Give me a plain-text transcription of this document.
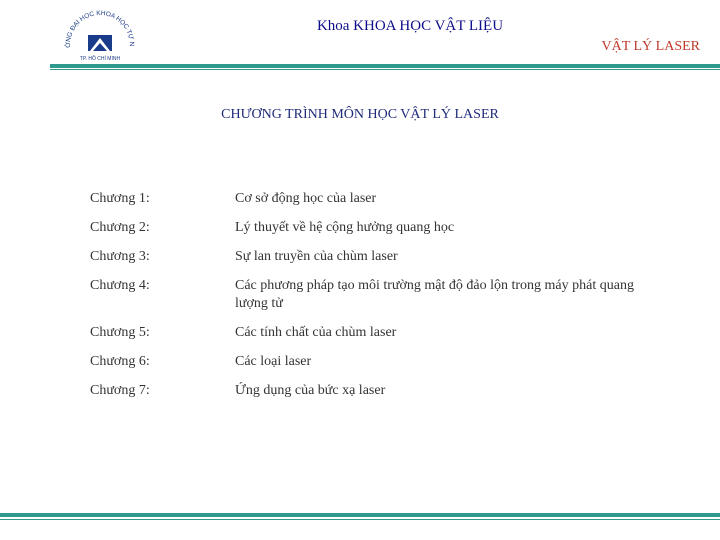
ỜNG ĐẠI HỌC KHOA HỌC TỰ N
TP. HỒ CHÍ MINH
Khoa KHOA HỌC VẬT LIỆU
VẬT LÝ LASER
CHƯƠNG TRÌNH MÔN HỌC VẬT LÝ LASER
Chương 1:	Cơ sở động học của laser
Chương 2:	Lý thuyết về hệ cộng hưởng quang học
Chương 3:	Sự lan truyền của chùm laser
Chương 4:	Các phương pháp tạo môi trường mật độ đảo lộn trong máy phát quang lượng tử
Chương 5:	Các tính chất của chùm laser
Chương 6:	Các loại laser
Chương 7:	Ứng dụng của bức xạ laser
